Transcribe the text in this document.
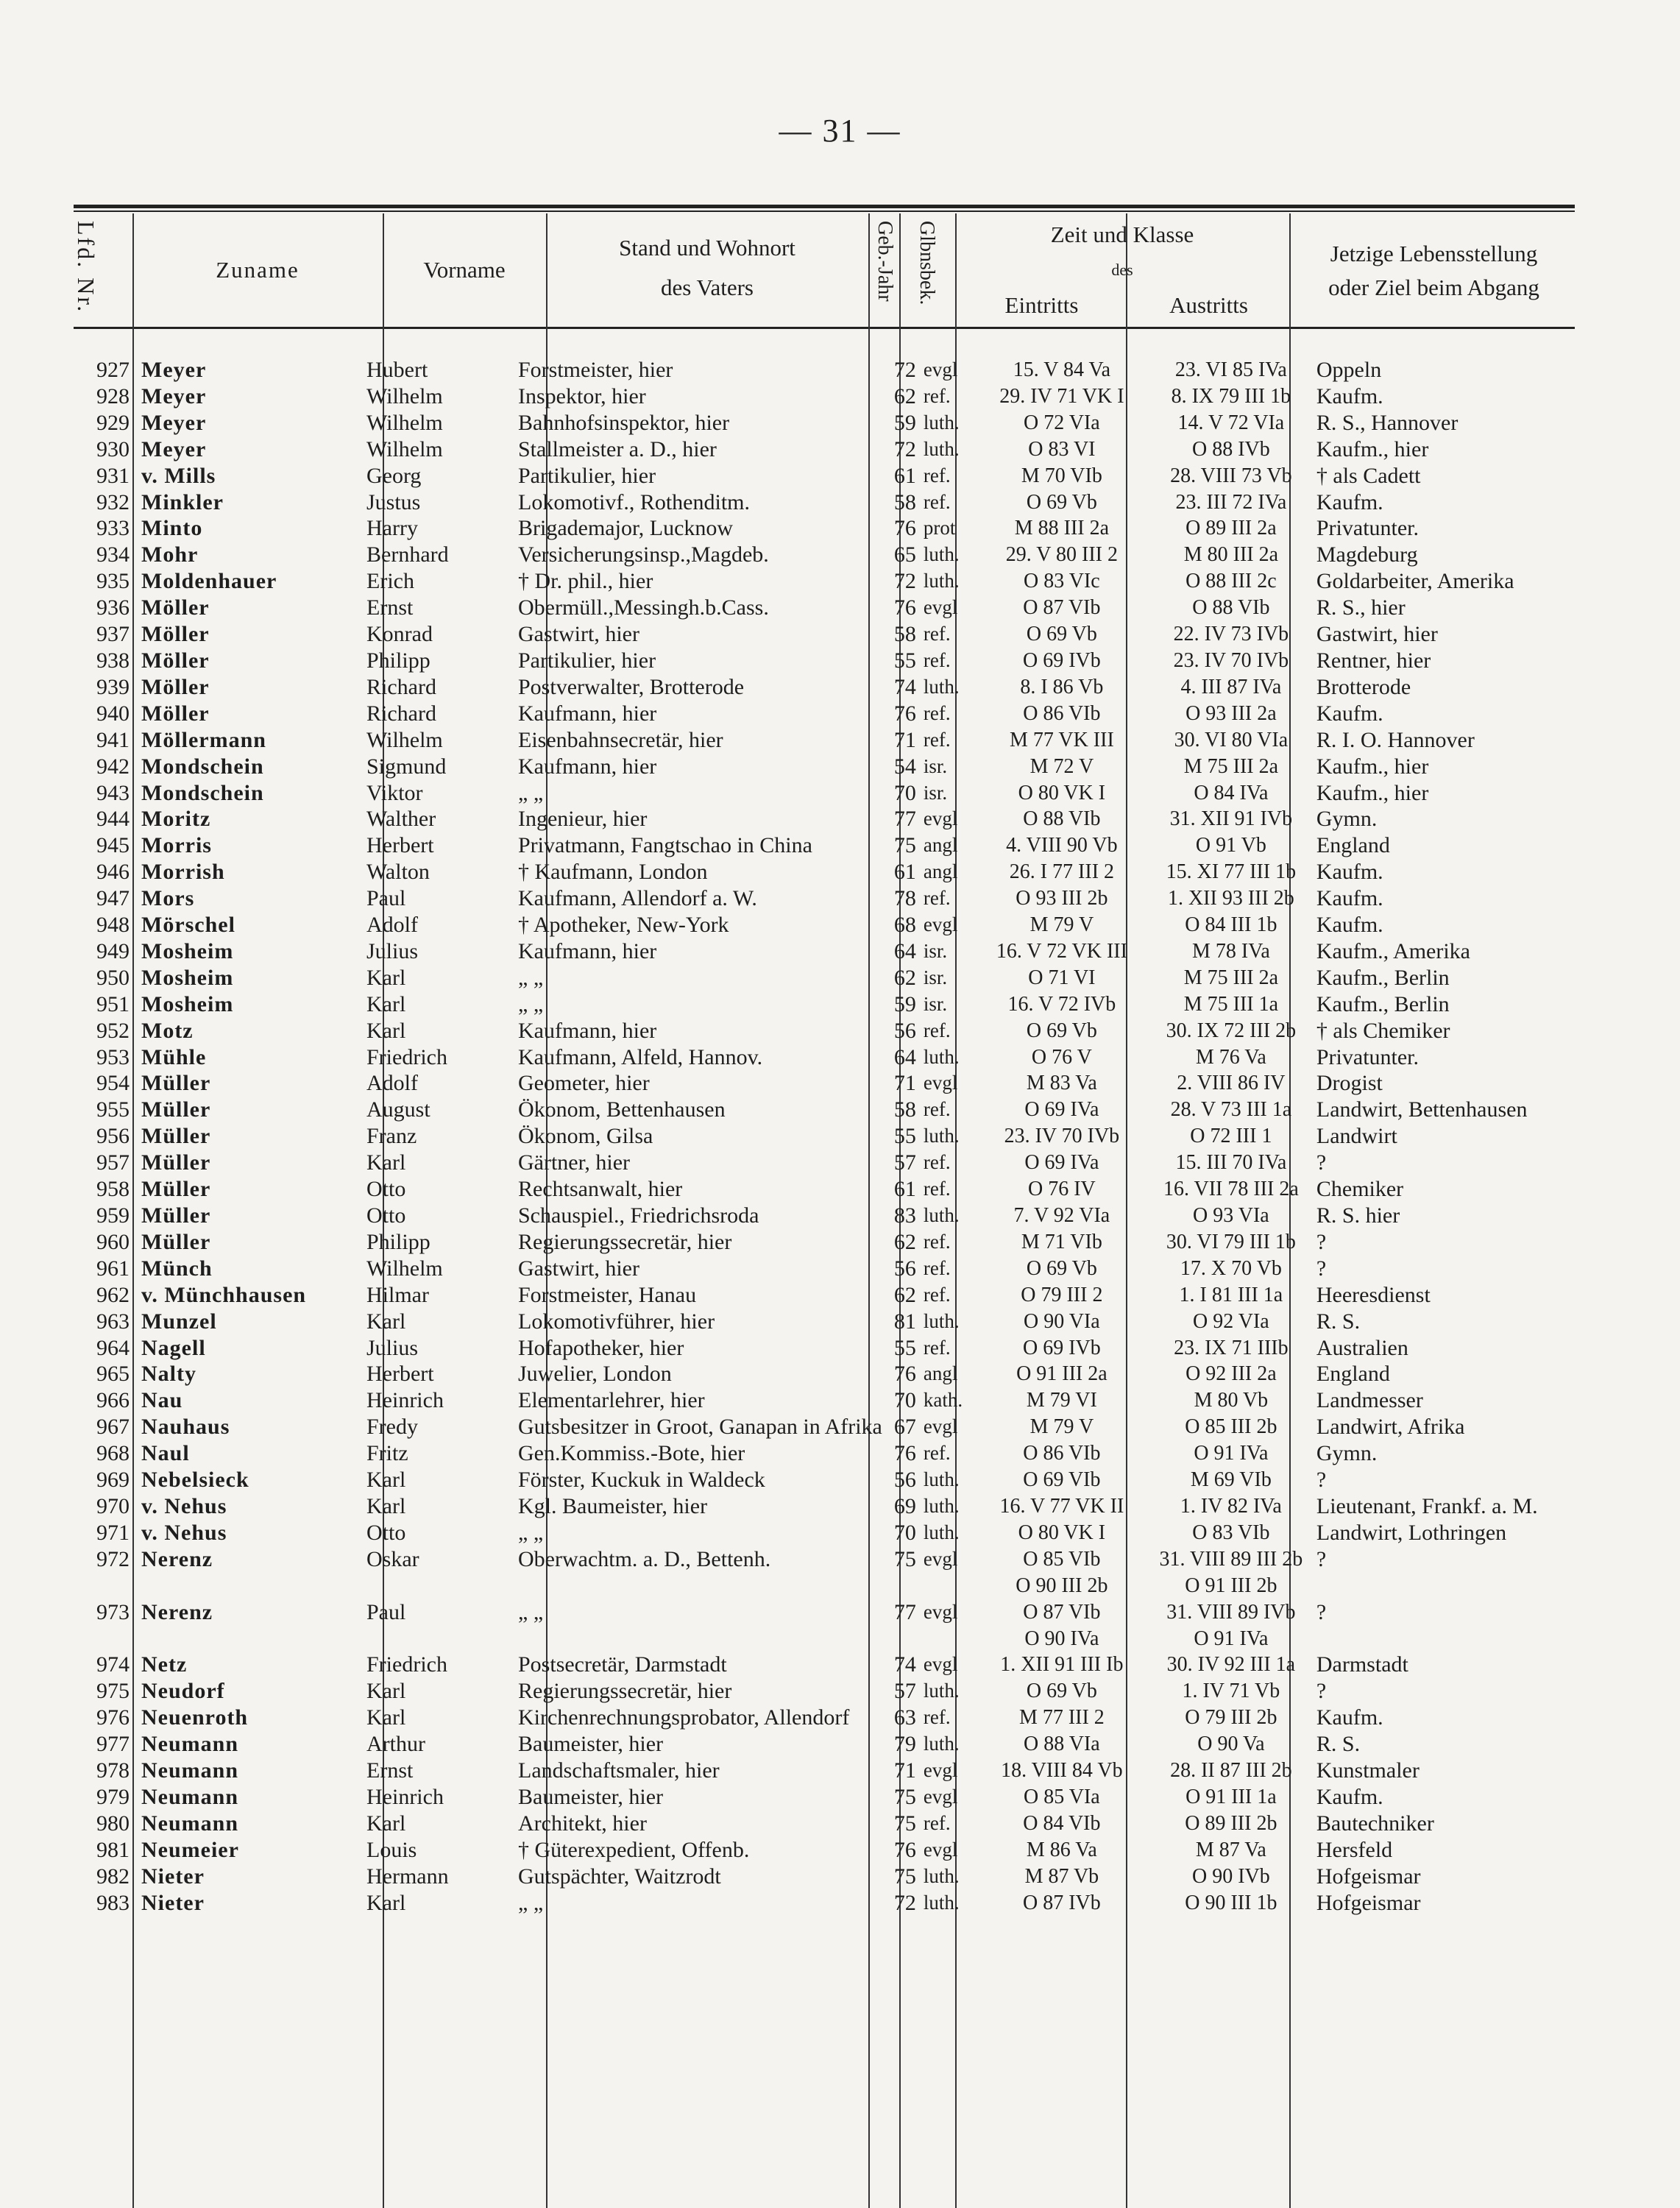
— 31 —
Lfd. Nr.	Zuname	Vorname
Stand und Wohnort
des Vaters	Geb.-Jahr Glbnsbek.	Zeit und Klasse
des
Eintritts	Austritts
Jetzige Lebensstellung
oder Ziel beim Abgang
927	Meyer	Hubert	Forstmeister, hier	72	evgl	15. V 84 Va	23. VI 85 IVa	Oppeln
928	Meyer	Wilhelm	Inspektor, hier	62	ref.	29. IV 71 VK I	8. IX 79 III 1b	Kaufm.
929	Meyer	Wilhelm	Bahnhofsinspektor, hier	59	luth.	O 72 VIa	14. V 72 VIa	R. S., Hannover
930	Meyer	Wilhelm	Stallmeister a. D., hier	72	luth.	O 83 VI	O 88 IVb	Kaufm., hier
931	v. Mills	Georg	Partikulier, hier	61	ref.	M 70 VIb	28. VIII 73 Vb	† als Cadett
932	Minkler	Justus	Lokomotivf., Rothenditm.	58	ref.	O 69 Vb	23. III 72 IVa	Kaufm.
933	Minto	Harry	Brigademajor, Lucknow	76	prot	M 88 III 2a	O 89 III 2a	Privatunter.
934	Mohr	Bernhard	Versicherungsinsp.,Magdeb.	65	luth.	29. V 80 III 2	M 80 III 2a	Magdeburg
935	Moldenhauer	Erich	† Dr. phil., hier	72	luth.	O 83 VIc	O 88 III 2c	Goldarbeiter, Amerika
936	Möller	Ernst	Obermüll.,Messingh.b.Cass.	76	evgl	O 87 VIb	O 88 VIb	R. S., hier
937	Möller	Konrad	Gastwirt, hier	58	ref.	O 69 Vb	22. IV 73 IVb	Gastwirt, hier
938	Möller	Philipp	Partikulier, hier	55	ref.	O 69 IVb	23. IV 70 IVb	Rentner, hier
939	Möller	Richard	Postverwalter, Brotterode	74	luth.	8. I 86 Vb	4. III 87 IVa	Brotterode
940	Möller	Richard	Kaufmann, hier	76	ref.	O 86 VIb	O 93 III 2a	Kaufm.
941	Möllermann	Wilhelm	Eisenbahnsecretär, hier	71	ref.	M 77 VK III	30. VI 80 VIa	R. I. O. Hannover
942	Mondschein	Sigmund	Kaufmann, hier	54	isr.	M 72 V	M 75 III 2a	Kaufm., hier
943	Mondschein	Viktor	„ „	70	isr.	O 80 VK I	O 84 IVa	Kaufm., hier
944	Moritz	Walther	Ingenieur, hier	77	evgl	O 88 VIb	31. XII 91 IVb	Gymn.
945	Morris	Herbert	Privatmann, Fangtschao in China	75	angl	4. VIII 90 Vb	O 91 Vb	England
946	Morrish	Walton	† Kaufmann, London	61	angl	26. I 77 III 2	15. XI 77 III 1b	Kaufm.
947	Mors	Paul	Kaufmann, Allendorf a. W.	78	ref.	O 93 III 2b	1. XII 93 III 2b	Kaufm.
948	Mörschel	Adolf	† Apotheker, New-York	68	evgl	M 79 V	O 84 III 1b	Kaufm.
949	Mosheim	Julius	Kaufmann, hier	64	isr.	16. V 72 VK III	M 78 IVa	Kaufm., Amerika
950	Mosheim	Karl	„ „	62	isr.	O 71 VI	M 75 III 2a	Kaufm., Berlin
951	Mosheim	Karl	„ „	59	isr.	16. V 72 IVb	M 75 III 1a	Kaufm., Berlin
952	Motz	Karl	Kaufmann, hier	56	ref.	O 69 Vb	30. IX 72 III 2b	† als Chemiker
953	Mühle	Friedrich	Kaufmann, Alfeld, Hannov.	64	luth.	O 76 V	M 76 Va	Privatunter.
954	Müller	Adolf	Geometer, hier	71	evgl	M 83 Va	2. VIII 86 IV	Drogist
955	Müller	August	Ökonom, Bettenhausen	58	ref.	O 69 IVa	28. V 73 III 1a	Landwirt, Bettenhausen
956	Müller	Franz	Ökonom, Gilsa	55	luth.	23. IV 70 IVb	O 72 III 1	Landwirt
957	Müller	Karl	Gärtner, hier	57	ref.	O 69 IVa	15. III 70 IVa	?
958	Müller	Otto	Rechtsanwalt, hier	61	ref.	O 76 IV	16. VII 78 III 2a	Chemiker
959	Müller	Otto	Schauspiel., Friedrichsroda	83	luth.	7. V 92 VIa	O 93 VIa	R. S. hier
960	Müller	Philipp	Regierungssecretär, hier	62	ref.	M 71 VIb	30. VI 79 III 1b	?
961	Münch	Wilhelm	Gastwirt, hier	56	ref.	O 69 Vb	17. X 70 Vb	?
962	v. Münchhausen	Hilmar	Forstmeister, Hanau	62	ref.	O 79 III 2	1. I 81 III 1a	Heeresdienst
963	Munzel	Karl	Lokomotivführer, hier	81	luth.	O 90 VIa	O 92 VIa	R. S.
964	Nagell	Julius	Hofapotheker, hier	55	ref.	O 69 IVb	23. IX 71 IIIb	Australien
965	Nalty	Herbert	Juwelier, London	76	angl	O 91 III 2a	O 92 III 2a	England
966	Nau	Heinrich	Elementarlehrer, hier	70	kath.	M 79 VI	M 80 Vb	Landmesser
967	Nauhaus	Fredy	Gutsbesitzer in Groot, Ganapan in Afrika	67	evgl	M 79 V	O 85 III 2b	Landwirt, Afrika
968	Naul	Fritz	Gen.Kommiss.-Bote, hier	76	ref.	O 86 VIb	O 91 IVa	Gymn.
969	Nebelsieck	Karl	Förster, Kuckuk in Waldeck	56	luth.	O 69 VIb	M 69 VIb	?
970	v. Nehus	Karl	Kgl. Baumeister, hier	69	luth.	16. V 77 VK II	1. IV 82 IVa	Lieutenant, Frankf. a. M.
971	v. Nehus	Otto	„ „	70	luth.	O 80 VK I	O 83 VIb	Landwirt, Lothringen
972	Nerenz	Oskar	Oberwachtm. a. D., Bettenh.	75	evgl	O 85 VIb	31. VIII 89 III 2b	?
						O 90 III 2b	O 91 III 2b	
973	Nerenz	Paul	„ „	77	evgl	O 87 VIb	31. VIII 89 IVb	?
						O 90 IVa	O 91 IVa	
974	Netz	Friedrich	Postsecretär, Darmstadt	74	evgl	1. XII 91 III Ib	30. IV 92 III 1a	Darmstadt
975	Neudorf	Karl	Regierungssecretär, hier	57	luth.	O 69 Vb	1. IV 71 Vb	?
976	Neuenroth	Karl	Kirchenrechnungsprobator, Allendorf	63	ref.	M 77 III 2	O 79 III 2b	Kaufm.
977	Neumann	Arthur	Baumeister, hier	79	luth.	O 88 VIa	O 90 Va	R. S.
978	Neumann	Ernst	Landschaftsmaler, hier	71	evgl	18. VIII 84 Vb	28. II 87 III 2b	Kunstmaler
979	Neumann	Heinrich	Baumeister, hier	75	evgl	O 85 VIa	O 91 III 1a	Kaufm.
980	Neumann	Karl	Architekt, hier	75	ref.	O 84 VIb	O 89 III 2b	Bautechniker
981	Neumeier	Louis	† Güterexpedient, Offenb.	76	evgl	M 86 Va	M 87 Va	Hersfeld
982	Nieter	Hermann	Gutspächter, Waitzrodt	75	luth.	M 87 Vb	O 90 IVb	Hofgeismar
983	Nieter	Karl	„ „	72	luth.	O 87 IVb	O 90 III 1b	Hofgeismar
